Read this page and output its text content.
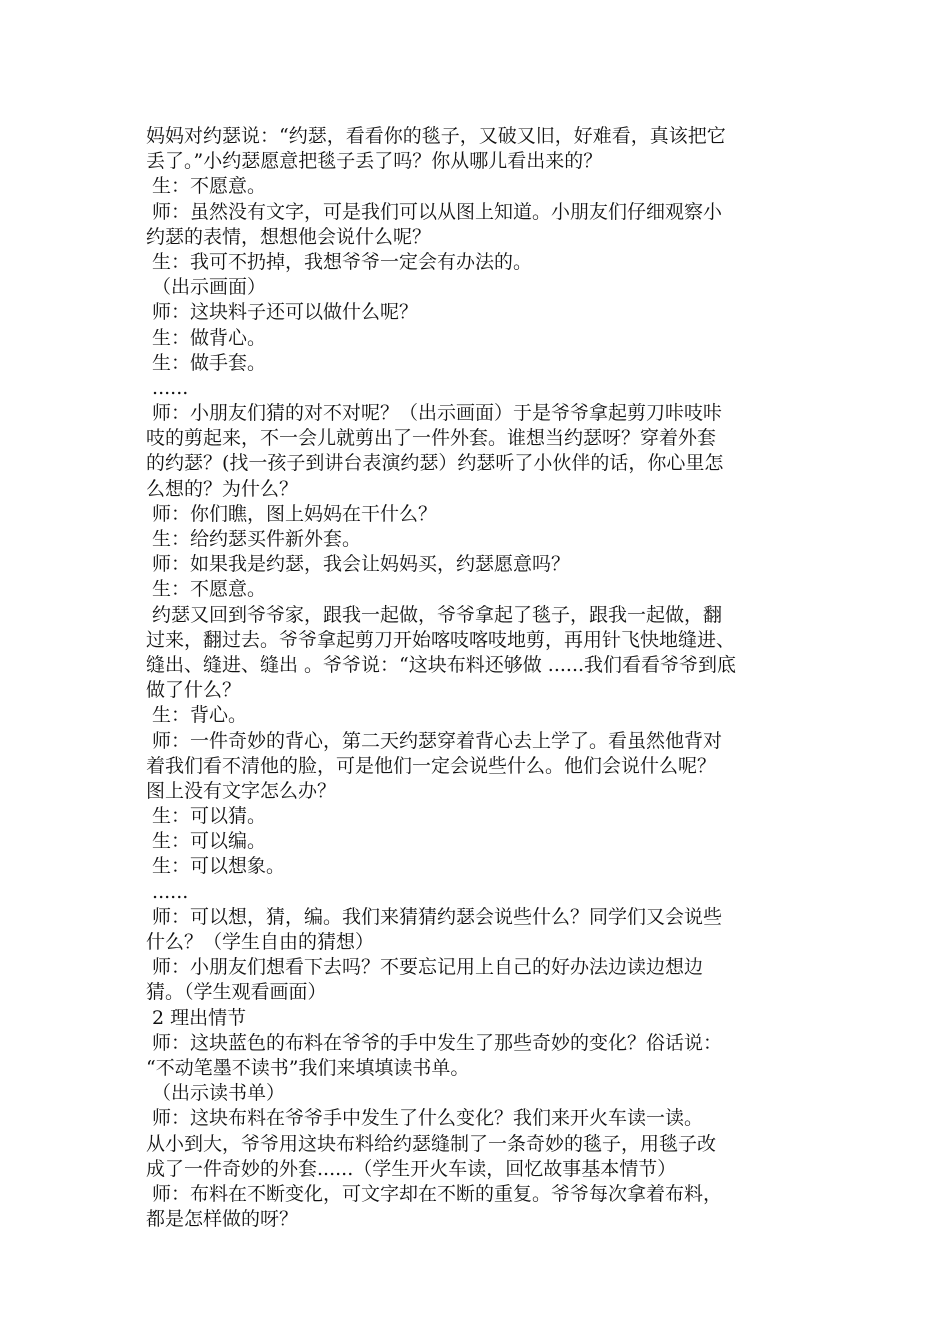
妈妈对约瑟说：“约瑟，看看你的毯子，又破又旧，好难看，真该把它
丢了。”小约瑟愿意把毯子丢了吗？你从哪儿看出来的？
生：不愿意。
师：虽然没有文字，可是我们可以从图上知道。小朋友们仔细观察小
约瑟的表情，想想他会说什么呢？
生：我可不扔掉，我想爷爷一定会有办法的。
（出示画面）
师：这块料子还可以做什么呢？
生：做背心。
生：做手套。
......
师：小朋友们猜的对不对呢？（出示画面）于是爷爷拿起剪刀咔吱咔
吱的剪起来，不一会儿就剪出了一件外套。谁想当约瑟呀？穿着外套
的约瑟？(找一孩子到讲台表演约瑟）约瑟听了小伙伴的话，你心里怎
么想的？为什么？
师：你们瞧，图上妈妈在干什么？
生：给约瑟买件新外套。
师：如果我是约瑟，我会让妈妈买，约瑟愿意吗？
生：不愿意。
约瑟又回到爷爷家，跟我一起做，爷爷拿起了毯子，跟我一起做，翻
过来，翻过去。爷爷拿起剪刀开始喀吱喀吱地剪，再用针飞快地缝进、
缝出、缝进、缝出 。爷爷说：“这块布料还够做 ......我们看看爷爷到底
做了什么？
生：背心。
师：一件奇妙的背心，第二天约瑟穿着背心去上学了。看虽然他背对
着我们看不清他的脸，可是他们一定会说些什么。他们会说什么呢？
图上没有文字怎么办？
生：可以猜。
生：可以编。
生：可以想象。
......
师：可以想，猜，编。我们来猜猜约瑟会说些什么？同学们又会说些
什么？（学生自由的猜想）
师：小朋友们想看下去吗？不要忘记用上自己的好办法边读边想边
猜。（学生观看画面）
2 理出情节
师：这块蓝色的布料在爷爷的手中发生了那些奇妙的变化？俗话说：
“不动笔墨不读书”我们来填填读书单。
（出示读书单）
师：这块布料在爷爷手中发生了什么变化？我们来开火车读一读。
从小到大，爷爷用这块布料给约瑟缝制了一条奇妙的毯子，用毯子改
成了一件奇妙的外套......（学生开火车读，回忆故事基本情节）
师：布料在不断变化，可文字却在不断的重复。爷爷每次拿着布料，
都是怎样做的呀？
